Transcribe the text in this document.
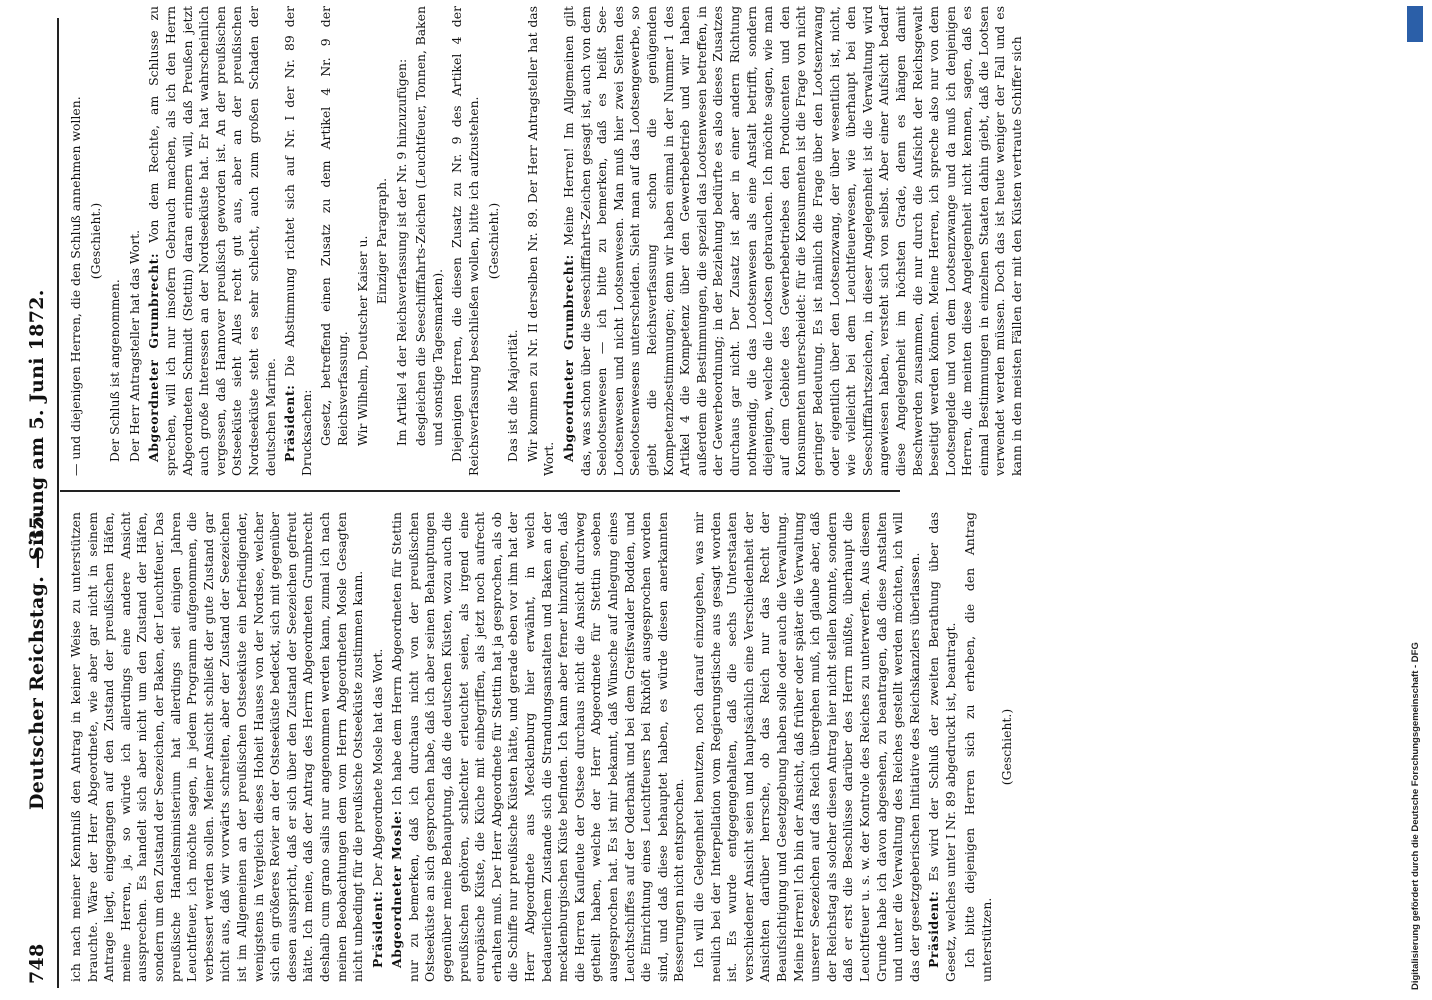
748
Deutscher Reichstag. — 35.
Sitzung am 5. Juni 1872.

ich nach meiner Kenntniß den Antrag in keiner Weise zu unterstützen brauchte. Wäre der Herr Abgeordnete, wie aber gar nicht in seinem Antrage liegt, eingegangen auf den Zustand der preußischen Häfen, meine Herren, ja, so würde ich allerdings eine andere Ansicht aussprechen. Es handelt sich aber nicht um den Zustand der Häfen, sondern um den Zustand der Seezeichen, der Baken, der Leuchtfeuer. Das preußische Handelsministerium hat allerdings seit einigen Jahren Leuchtfeuer, ich möchte sagen, in jedem Programm aufgenommen, die verbessert werden sollen. Meiner Ansicht schließt der gute Zustand gar nicht aus, daß wir vorwärts schreiten, aber der Zustand der Seezeichen ist im Allgemeinen an der preußischen Ostseeküste ein befriedigender, wenigstens in Vergleich dieses Hoheit Hauses von der Nordsee, welcher sich ein größeres Revier an der Ostseeküste bedeckt, sich mit gegenüber dessen ausspricht, daß er sich über den Zustand der Seezeichen gefreut hätte. Ich meine, daß der Antrag des Herrn Abgeordneten Grumbrecht deshalb cum grano salis nur angenommen werden kann, zumal ich nach meinen Beobachtungen dem vom Herrn Abgeordneten Mosle Gesagten nicht unbedingt für die preußische Ostseeküste zustimmen kann. Präsident: Der Abgeordnete Mosle hat das Wort. Abgeordneter Mosle: Ich habe dem Herrn Abgeordneten für Stettin nur zu bemerken, daß ich durchaus nicht von der preußischen Ostseeküste an sich gesprochen habe, daß ich aber seinen Behauptungen gegenüber meine Behauptung, daß die deutschen Küsten, wozu auch die preußischen gehören, schlechter erleuchtet seien, als irgend eine europäische Küste, die Küche mit einbegriffen, als jetzt noch aufrecht erhalten muß. Der Herr Abgeordnete für Stettin hat ja gesprochen, als ob die Schiffe nur preußische Küsten hätte, und gerade eben vor ihm hat der Herr Abgeordnete aus Mecklenburg hier erwähnt, in welch bedauerlichem Zustande sich die Strandungsanstalten und Baken an der mecklenburgischen Küste befinden. Ich kann aber ferner hinzufügen, daß die Herren Kaufleute der Ostsee durchaus nicht die Ansicht durchweg getheilt haben, welche der Herr Abgeordnete für Stettin soeben ausgesprochen hat. Es ist mir bekannt, daß Wünsche auf Anlegung eines Leuchtschiffes auf der Oderbank und bei dem Greifswalder Bodden, und die Einrichtung eines Leuchtfeuers bei Rixhöft ausgesprochen worden sind, und daß diese behauptet haben, es würde diesen anerkannten Besserungen nicht entsprochen. Ich will die Gelegenheit benutzen, noch darauf einzugehen, was mir neulich bei der Interpellation vom Regierungstische aus gesagt worden ist. Es wurde entgegengehalten, daß die sechs Unterstaaten verschiedener Ansicht seien und hauptsächlich eine Verschiedenheit der Ansichten darüber herrsche, ob das Reich nur das Recht der Beaufsichtigung und Gesetzgebung haben solle oder auch die Verwaltung. Meine Herren! Ich bin der Ansicht, daß früher oder später die Verwaltung unserer Seezeichen auf das Reich übergehen muß, ich glaube aber, daß der Reichstag als solcher diesen Antrag hier nicht stellen konnte, sondern daß er erst die Beschlüsse darüber des Herrn müßte, überhaupt die Leuchtfeuer u. s. w. der Kontrole des Reiches zu unterwerfen. Aus diesem Grunde habe ich davon abgesehen, zu beantragen, daß diese Anstalten und unter die Verwaltung des Reiches gestellt werden möchten, ich will das der gesetzgeberischen Initiative des Reichskanzlers überlassen. Präsident: Es wird der Schluß der zweiten Berathung über das Gesetz, welches unter I Nr. 89 abgedruckt ist, beantragt. Ich bitte diejenigen Herren sich zu erheben, die den Antrag unterstützen.

(Geschieht.)

— und diejenigen Herren, die den Schluß annehmen wollen. (Geschieht.)

Der Schluß ist angenommen. Der Herr Antragsteller hat das Wort. Abgeordneter Grumbrecht: Von dem Rechte, am Schlusse zu sprechen, will ich nur insofern Gebrauch machen, als ich den Herrn Abgeordneten Schmidt (Stettin) daran erinnern will, daß Preußen jetzt auch große Interessen an der Nordseeküste hat. Er hat wahrscheinlich vergessen, daß Hannover preußisch geworden ist. An der preußischen Ostseeküste sieht Alles recht gut aus, aber an der preußischen Nordseeküste steht es sehr schlecht, auch zum großen Schaden der deutschen Marine. Präsident: Die Abstimmung richtet sich auf Nr. I der Nr. 89 der Drucksachen: Gesetz, betreffend einen Zusatz zu dem Artikel 4 Nr. 9 der Reichsverfassung. Wir Wilhelm, Deutscher Kaiser u. Einziger Paragraph. Im Artikel 4 der Reichsverfassung ist der Nr. 9 hinzuzufügen: desgleichen die Seeschifffahrts-Zeichen (Leuchtfeuer, Tonnen, Baken und sonstige Tagesmarken). Diejenigen Herren, die diesen Zusatz zu Nr. 9 des Artikel 4 der Reichsverfassung beschließen wollen, bitte ich aufzustehen. (Geschieht.)

Das ist die Majorität. Wir kommen zu Nr. II derselben Nr. 89. Der Herr Antragsteller hat das Wort. Abgeordneter Grumbrecht: Meine Herren! Im Allgemeinen gilt das, was schon über die Seeschifffahrts-Zeichen gesagt ist, auch von dem Seelootsenwesen — ich bitte zu bemerken, daß es heißt See-Lootsenwesen und nicht Lootsenwesen. Man muß hier zwei Seiten des Seelootsenwesens unterscheiden. Sieht man auf das Lootsengewerbe, so giebt die Reichsverfassung schon die genügenden Kompetenzbestimmungen; denn wir haben einmal in der Nummer 1 des Artikel 4 die Kompetenz über den Gewerbebetrieb und wir haben außerdem die Bestimmungen, die speziell das Lootsenwesen betreffen, in der Gewerbeordnung; in der Beziehung bedürfte es also dieses Zusatzes durchaus gar nicht. Der Zusatz ist aber in einer andern Richtung nothwendig, die das Lootsenwesen als eine Anstalt betrifft, sondern diejenigen, welche die Lootsen gebrauchen. Ich möchte sagen, wie man auf dem Gebiete des Gewerbebetriebes den Producenten und den Konsumenten unterscheidet: für die Konsumenten ist die Frage von nicht geringer Bedeutung. Es ist nämlich die Frage über den Lootsenzwang oder eigentlich über den Lootsenzwang, der über wesentlich ist, nicht, wie vielleicht bei dem Leuchtfeuerwesen, wie überhaupt bei den Seeschifffahrtszeichen, in dieser Angelegenheit ist die Verwaltung wird angewiesen haben, versteht sich von selbst. Aber einer Aufsicht bedarf diese Angelegenheit im höchsten Grade, denn es hängen damit Beschwerden zusammen, die nur durch die Aufsicht der Reichsgewalt beseitigt werden können. Meine Herren, ich spreche also nur von dem Lootsengelde und von dem Lootsenzwange und da muß ich denjenigen Herren, die meinten diese Angelegenheit nicht kennen, sagen, daß es einmal Bestimmungen in einzelnen Staaten dahin giebt, daß die Lootsen verwendet werden müssen. Doch das ist heute weniger der Fall und es kann in den meisten Fällen der mit den Küsten vertraute Schiffer sich

Digitalisierung gefördert durch die Deutsche Forschungsgemeinschaft - DFG
